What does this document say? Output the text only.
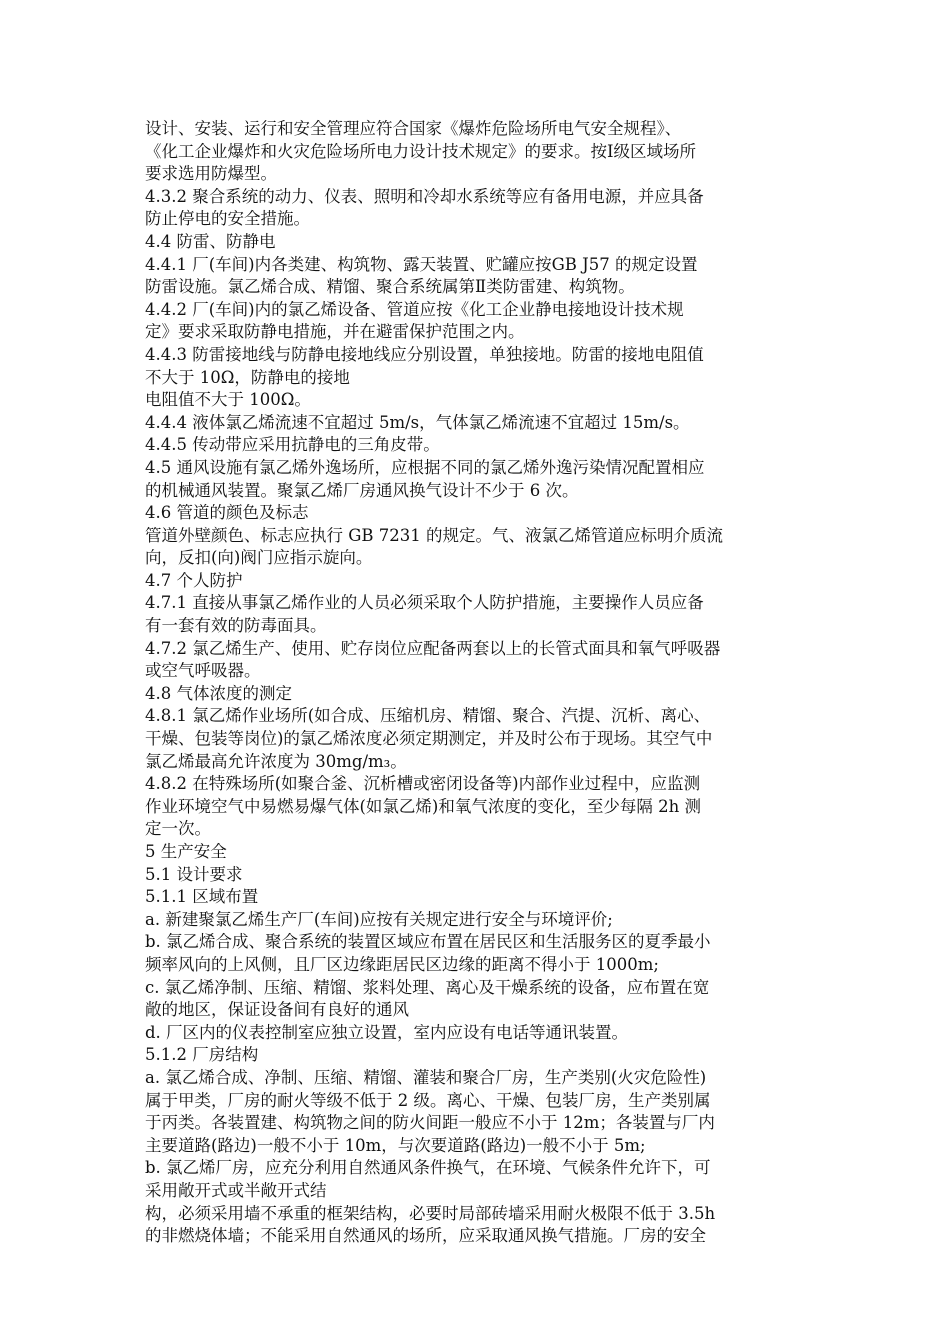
设计、安装、运行和安全管理应符合国家《爆炸危险场所电气安全规程》、
《化工企业爆炸和火灾危险场所电力设计技术规定》的要求。按Ⅰ级区域场所
要求选用防爆型。
4.3.2 聚合系统的动力、仪表、照明和冷却水系统等应有备用电源，并应具备
防止停电的安全措施。
4.4 防雷、防静电
4.4.1 厂(车间)内各类建、构筑物、露天装置、贮罐应按GB J57 的规定设置
防雷设施。氯乙烯合成、精馏、聚合系统属第Ⅱ类防雷建、构筑物。
4.4.2 厂(车间)内的氯乙烯设备、管道应按《化工企业静电接地设计技术规
定》要求采取防静电措施，并在避雷保护范围之内。
4.4.3 防雷接地线与防静电接地线应分别设置，单独接地。防雷的接地电阻值
不大于 10Ω，防静电的接地
电阻值不大于 100Ω。
4.4.4 液体氯乙烯流速不宜超过 5m/s，气体氯乙烯流速不宜超过 15m/s。
4.4.5 传动带应采用抗静电的三角皮带。
4.5 通风设施有氯乙烯外逸场所，应根据不同的氯乙烯外逸污染情况配置相应
的机械通风装置。聚氯乙烯厂房通风换气设计不少于 6 次。
4.6 管道的颜色及标志
管道外壁颜色、标志应执行 GB 7231 的规定。气、液氯乙烯管道应标明介质流
向，反扣(向)阀门应指示旋向。
4.7 个人防护
4.7.1 直接从事氯乙烯作业的人员必须采取个人防护措施，主要操作人员应备
有一套有效的防毒面具。
4.7.2 氯乙烯生产、使用、贮存岗位应配备两套以上的长管式面具和氧气呼吸器
或空气呼吸器。
4.8 气体浓度的测定
4.8.1 氯乙烯作业场所(如合成、压缩机房、精馏、聚合、汽提、沉析、离心、
干燥、包装等岗位)的氯乙烯浓度必须定期测定，并及时公布于现场。其空气中
氯乙烯最高允许浓度为 30mg/m₃。
4.8.2 在特殊场所(如聚合釜、沉析槽或密闭设备等)内部作业过程中，应监测
作业环境空气中易燃易爆气体(如氯乙烯)和氧气浓度的变化，至少每隔 2h 测
定一次。
5 生产安全
5.1 设计要求
5.1.1 区域布置
a. 新建聚氯乙烯生产厂(车间)应按有关规定进行安全与环境评价;
b. 氯乙烯合成、聚合系统的装置区域应布置在居民区和生活服务区的夏季最小
频率风向的上风侧，且厂区边缘距居民区边缘的距离不得小于 1000m;
c. 氯乙烯净制、压缩、精馏、浆料处理、离心及干燥系统的设备，应布置在宽
敞的地区，保证设备间有良好的通风
d. 厂区内的仪表控制室应独立设置，室内应设有电话等通讯装置。
5.1.2 厂房结构
a. 氯乙烯合成、净制、压缩、精馏、灌装和聚合厂房，生产类别(火灾危险性)
属于甲类，厂房的耐火等级不低于 2 级。离心、干燥、包装厂房，生产类别属
于丙类。各装置建、构筑物之间的防火间距一般应不小于 12m；各装置与厂内
主要道路(路边)一般不小于 10m，与次要道路(路边)一般不小于 5m;
b. 氯乙烯厂房，应充分利用自然通风条件换气，在环境、气候条件允许下，可
采用敞开式或半敞开式结
构，必须采用墙不承重的框架结构，必要时局部砖墙采用耐火极限不低于 3.5h
的非燃烧体墙；不能采用自然通风的场所，应采取通风换气措施。厂房的安全
